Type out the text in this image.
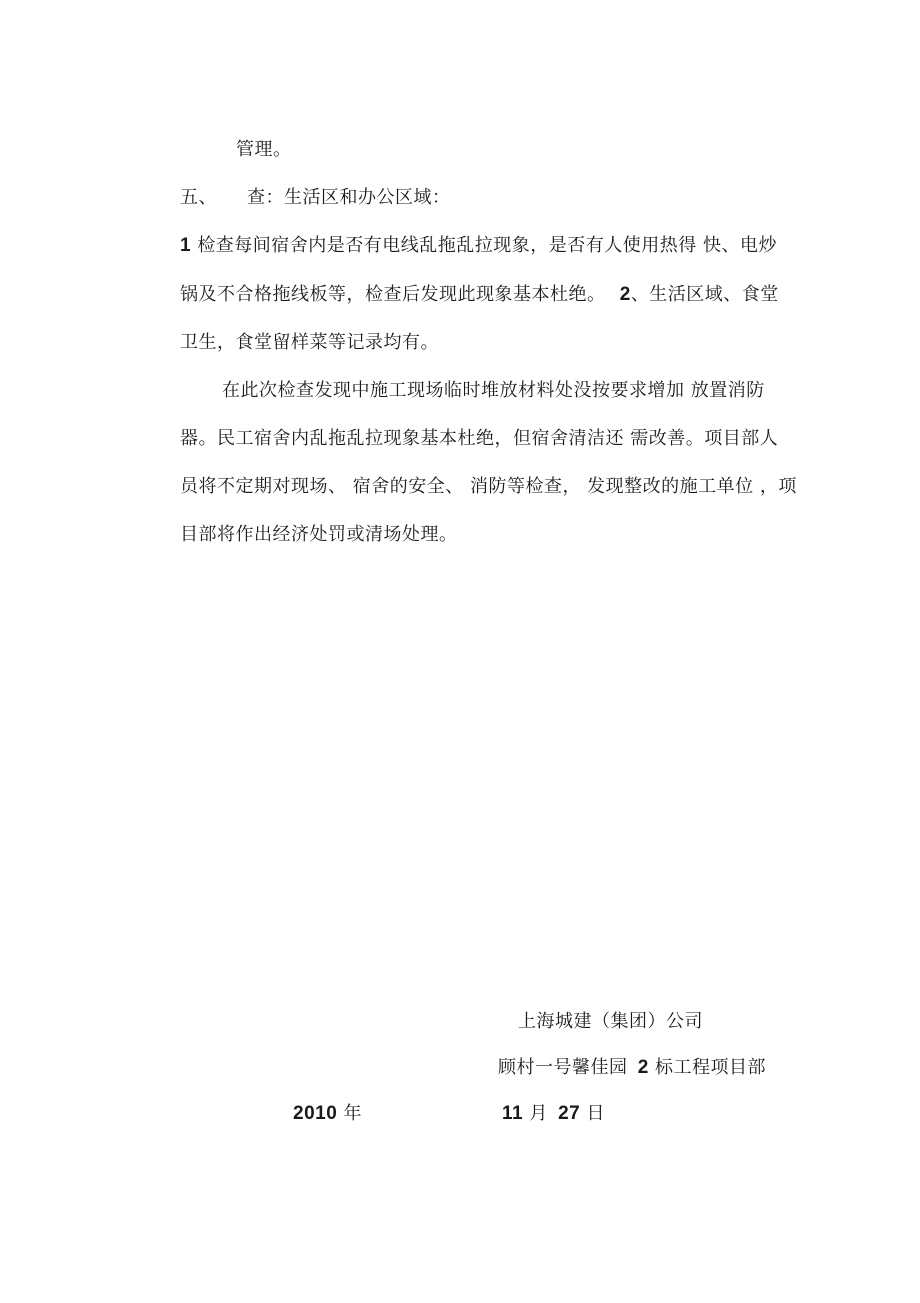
管理。
五、 查：生活区和办公区域：
1 检查每间宿舍内是否有电线乱拖乱拉现象，是否有人使用热得 快、电炒
锅及不合格拖线板等，检查后发现此现象基本杜绝。 2、生活区域、食堂
卫生，食堂留样菜等记录均有。
在此次检查发现中施工现场临时堆放材料处没按要求增加 放置消防
器。民工宿舍内乱拖乱拉现象基本杜绝，但宿舍清洁还 需改善。项目部人
员将不定期对现场、 宿舍的安全、 消防等检查， 发现整改的施工单位 ，项
目部将作出经济处罚或清场处理。
上海城建（集团）公司
顾村一号馨佳园 2 标工程项目部
2010 年	11 月 27 日
